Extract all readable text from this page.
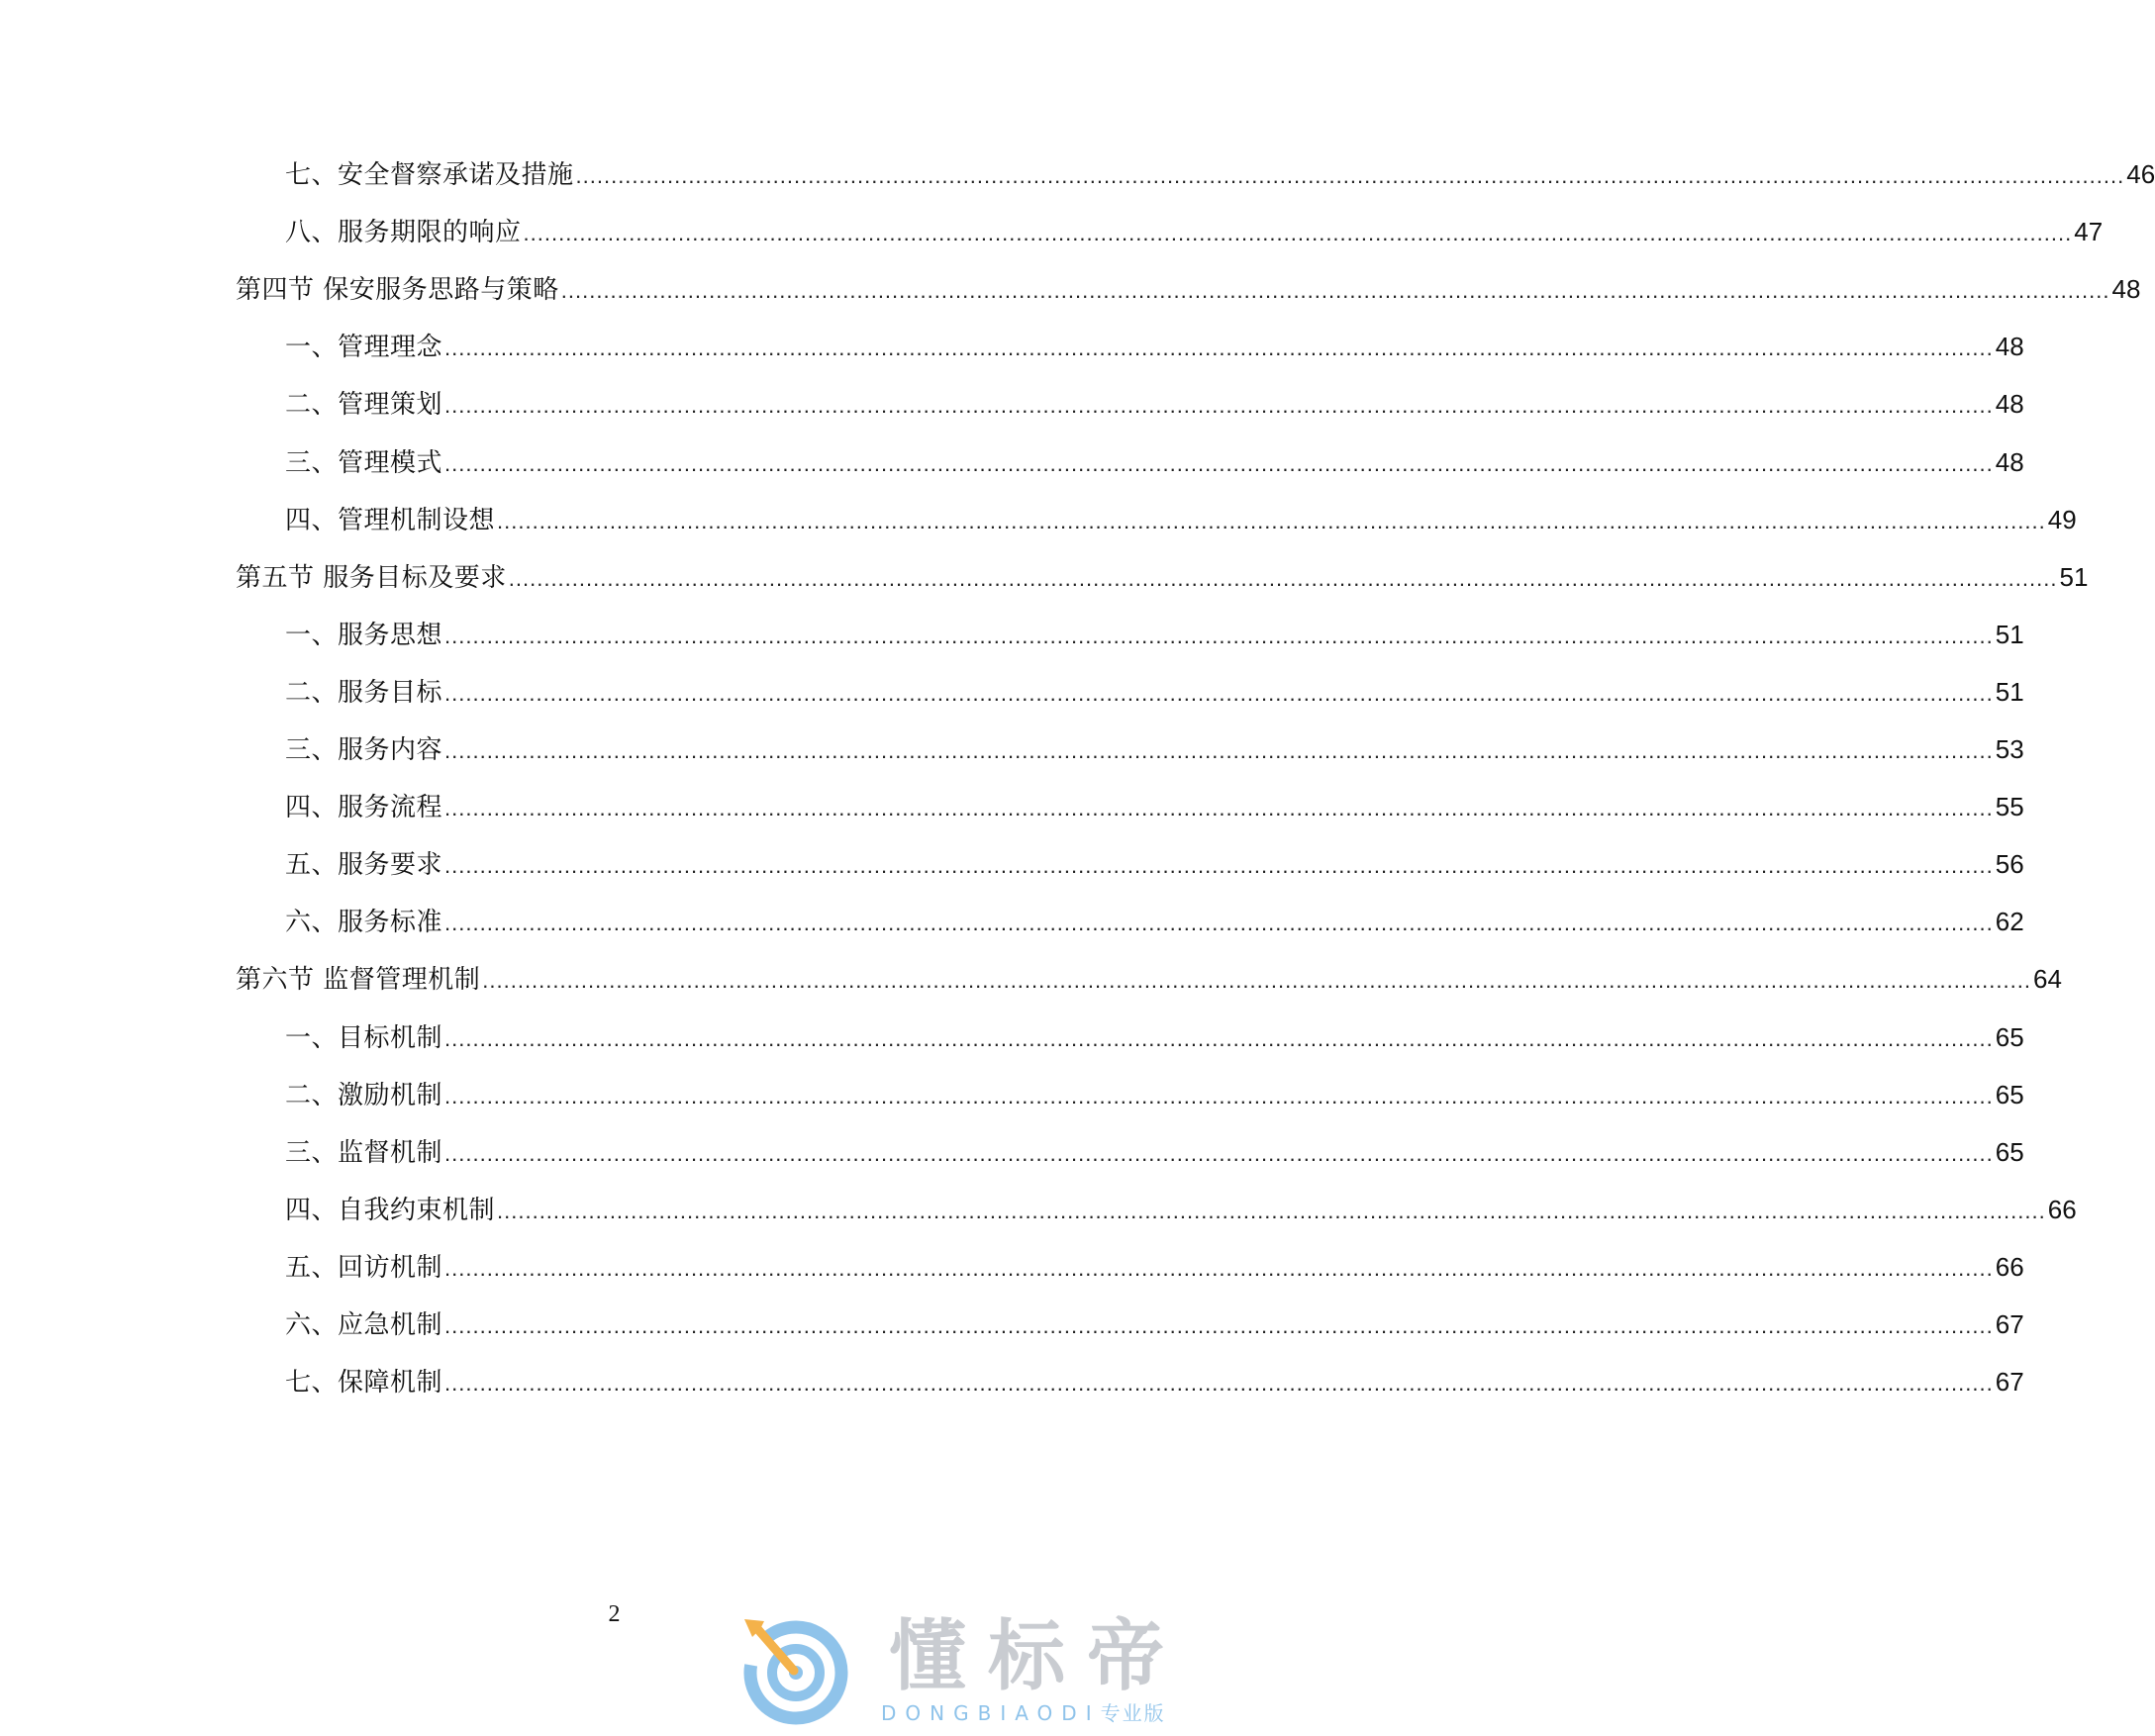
七、安全督察承诺及措施 ............................................................................................................................................................................................................................ 46
八、服务期限的响应 ............................................................................................................................................................................................................................ 47
第四节 保安服务思路与策略 ............................................................................................................................................................................................................................ 48
一、管理理念 ............................................................................................................................................................................................................................ 48
二、管理策划 ............................................................................................................................................................................................................................ 48
三、管理模式 ............................................................................................................................................................................................................................ 48
四、管理机制设想 ............................................................................................................................................................................................................................ 49
第五节 服务目标及要求 ............................................................................................................................................................................................................................ 51
一、服务思想 ............................................................................................................................................................................................................................ 51
二、服务目标 ............................................................................................................................................................................................................................ 51
三、服务内容 ............................................................................................................................................................................................................................ 53
四、服务流程 ............................................................................................................................................................................................................................ 55
五、服务要求 ............................................................................................................................................................................................................................ 56
六、服务标准 ............................................................................................................................................................................................................................ 62
第六节 监督管理机制 ............................................................................................................................................................................................................................ 64
一、目标机制 ............................................................................................................................................................................................................................ 65
二、激励机制 ............................................................................................................................................................................................................................ 65
三、监督机制 ............................................................................................................................................................................................................................ 65
四、自我约束机制 ............................................................................................................................................................................................................................ 66
五、回访机制 ............................................................................................................................................................................................................................ 66
六、应急机制 ............................................................................................................................................................................................................................ 67
七、保障机制 ............................................................................................................................................................................................................................ 67
2	懂标帝
DONGBIAODI专业版
